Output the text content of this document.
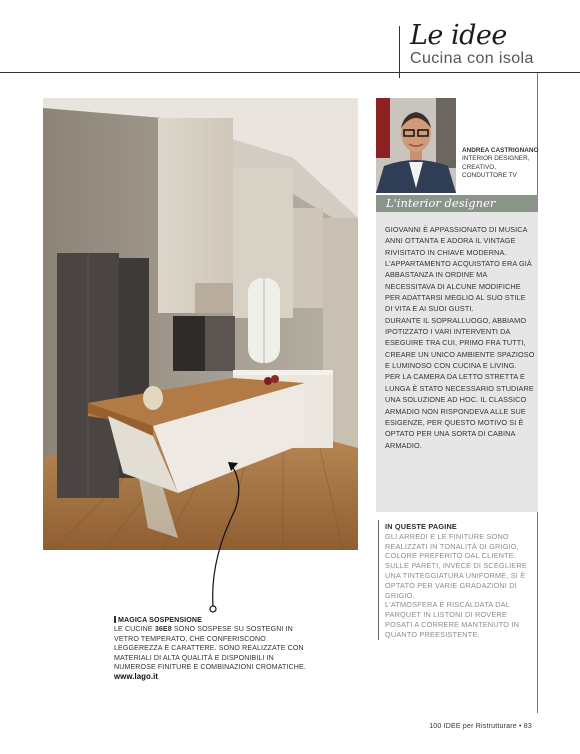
Le idee
Cucina con isola
ANDREA CASTRIGNANO INTERIOR DESIGNER, CREATIVO, CONDUTTORE TV
L'interior designer

GIOVANNI È APPASSIONATO DI MUSICA ANNI OTTANTA E ADORA IL VINTAGE RIVISITATO IN CHIAVE MODERNA. L'APPARTAMENTO ACQUISTATO ERA GIÀ ABBASTANZA IN ORDINE MA NECESSITAVA DI ALCUNE MODIFICHE PER ADATTARSI MEGLIO AL SUO STILE DI VITA E AI SUOI GUSTI.

DURANTE IL SOPRALLUOGO, ABBIAMO IPOTIZZATO I VARI INTERVENTI DA ESEGUIRE TRA CUI, PRIMO FRA TUTTI, CREARE UN UNICO AMBIENTE SPAZIOSO E LUMINOSO CON CUCINA E LIVING.

PER LA CAMERA DA LETTO STRETTA E LUNGA È STATO NECESSARIO STUDIARE UNA SOLUZIONE AD HOC. IL CLASSICO ARMADIO NON RISPONDEVA ALLE SUE ESIGENZE, PER QUESTO MOTIVO SI È OPTATO PER UNA SORTA DI CABINA ARMADIO.

IN QUESTE PAGINE

GLI ARREDI E LE FINITURE SONO REALIZZATI IN TONALITÀ DI GRIGIO, COLORE PREFERITO DAL CLIENTE. SULLE PARETI, INVECE DI SCEGLIERE UNA TINTEGGIATURA UNIFORME, SI È OPTATO PER VARIE GRADAZIONI DI GRIGIO.

L'ATMOSFERA È RISCALDATA DAL PARQUET IN LISTONI DI ROVERE POSATI A CORRERE MANTENUTO IN QUANTO PREESISTENTE.

MAGICA SOSPENSIONE
LE CUCINE 36E8 SONO SOSPESE SU SOSTEGNI IN VETRO TEMPERATO, CHE CONFERISCONO LEGGEREZZA E CARATTERE. SONO REALIZZATE CON MATERIALI DI ALTA QUALITÀ E DISPONIBILI IN NUMEROSE FINITURE E COMBINAZIONI CROMATICHE.
www.lago.it
100 IDEE per Ristrutturare • 83
